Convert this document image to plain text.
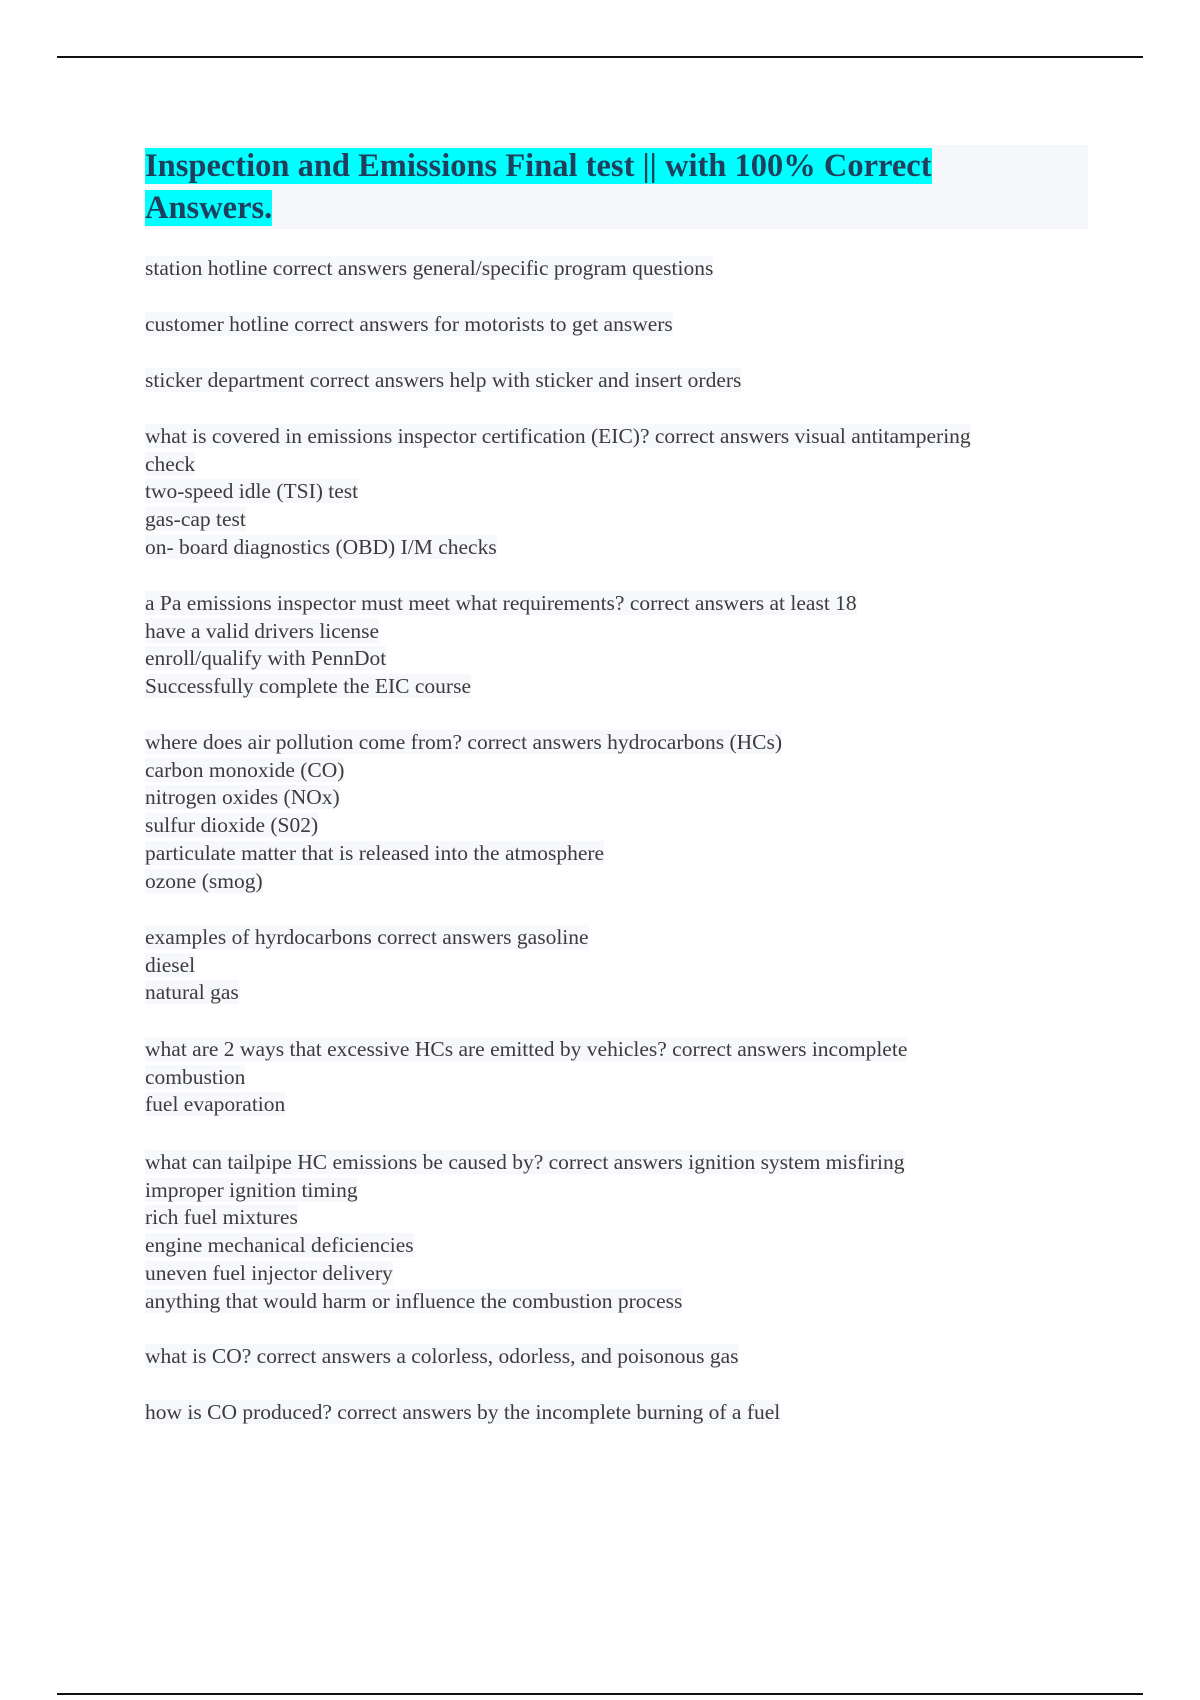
Inspection and Emissions Final test || with 100% Correct Answers.
station hotline correct answers general/specific program questions
customer hotline correct answers for motorists to get answers
sticker department correct answers help with sticker and insert orders
what is covered in emissions inspector certification (EIC)? correct answers visual antitampering
check
two-speed idle (TSI) test
gas-cap test
on- board diagnostics (OBD) I/M checks
a Pa emissions inspector must meet what requirements? correct answers at least 18
have a valid drivers license
enroll/qualify with PennDot
Successfully complete the EIC course
where does air pollution come from? correct answers hydrocarbons (HCs)
carbon monoxide (CO)
nitrogen oxides (NOx)
sulfur dioxide (S02)
particulate matter that is released into the atmosphere
ozone (smog)
examples of hyrdocarbons correct answers gasoline
diesel
natural gas
what are 2 ways that excessive HCs are emitted by vehicles? correct answers incomplete
combustion
fuel evaporation
what can tailpipe HC emissions be caused by? correct answers ignition system misfiring
improper ignition timing
rich fuel mixtures
engine mechanical deficiencies
uneven fuel injector delivery
anything that would harm or influence the combustion process
what is CO? correct answers a colorless, odorless, and poisonous gas
how is CO produced? correct answers by the incomplete burning of a fuel
